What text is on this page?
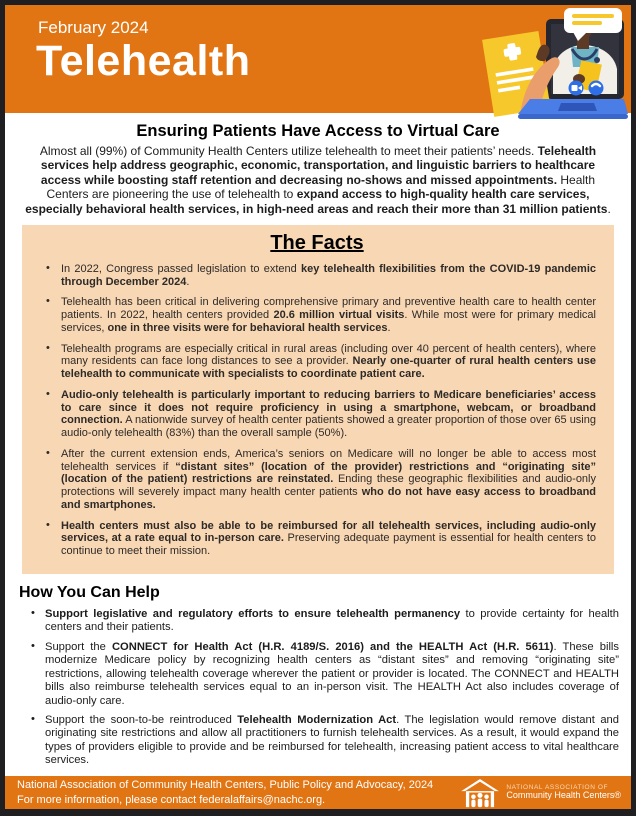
February 2024
Telehealth
Ensuring Patients Have Access to Virtual Care

Almost all (99%) of Community Health Centers utilize telehealth to meet their patients’ needs. Telehealth services help address geographic, economic, transportation, and linguistic barriers to healthcare access while boosting staff retention and decreasing no-shows and missed appointments. Health Centers are pioneering the use of telehealth to expand access to high-quality health care services, especially behavioral health services, in high-need areas and reach their more than 31 million patients.

The Facts
• In 2022, Congress passed legislation to extend key telehealth flexibilities from the COVID-19 pandemic through December 2024.
• Telehealth has been critical in delivering comprehensive primary and preventive health care to health center patients. In 2022, health centers provided 20.6 million virtual visits. While most were for primary medical services, one in three visits were for behavioral health services.
• Telehealth programs are especially critical in rural areas (including over 40 percent of health centers), where many residents can face long distances to see a provider. Nearly one-quarter of rural health centers use telehealth to communicate with specialists to coordinate patient care.
• Audio-only telehealth is particularly important to reducing barriers to Medicare beneficiaries’ access to care since it does not require proficiency in using a smartphone, webcam, or broadband connection. A nationwide survey of health center patients showed a greater proportion of those over 65 using audio-only telehealth (83%) than the overall sample (50%).
• After the current extension ends, America’s seniors on Medicare will no longer be able to access most telehealth services if “distant sites” (location of the provider) restrictions and “originating site” (location of the patient) restrictions are reinstated. Ending these geographic flexibilities and audio-only protections will severely impact many health center patients who do not have easy access to broadband and smartphones.
• Health centers must also be able to be reimbursed for all telehealth services, including audio-only services, at a rate equal to in-person care. Preserving adequate payment is essential for health centers to continue to meet their mission.
How You Can Help
• Support legislative and regulatory efforts to ensure telehealth permanency to provide certainty for health centers and their patients.
• Support the CONNECT for Health Act (H.R. 4189/S. 2016) and the HEALTH Act (H.R. 5611). These bills modernize Medicare policy by recognizing health centers as “distant sites” and removing “originating site” restrictions, allowing telehealth coverage wherever the patient or provider is located. The CONNECT and HEALTH bills also reimburse telehealth services equal to an in-person visit. The HEALTH Act also includes coverage of audio-only care.
• Support the soon-to-be reintroduced Telehealth Modernization Act. The legislation would remove distant and originating site restrictions and allow all practitioners to furnish telehealth services. As a result, it would expand the types of providers eligible to provide and be reimbursed for telehealth, increasing patient access to vital healthcare services.
National Association of Community Health Centers, Public Policy and Advocacy, 2024
For more information, please contact federalaffairs@nachc.org.
NATIONAL ASSOCIATION OF
Community Health Centers®
